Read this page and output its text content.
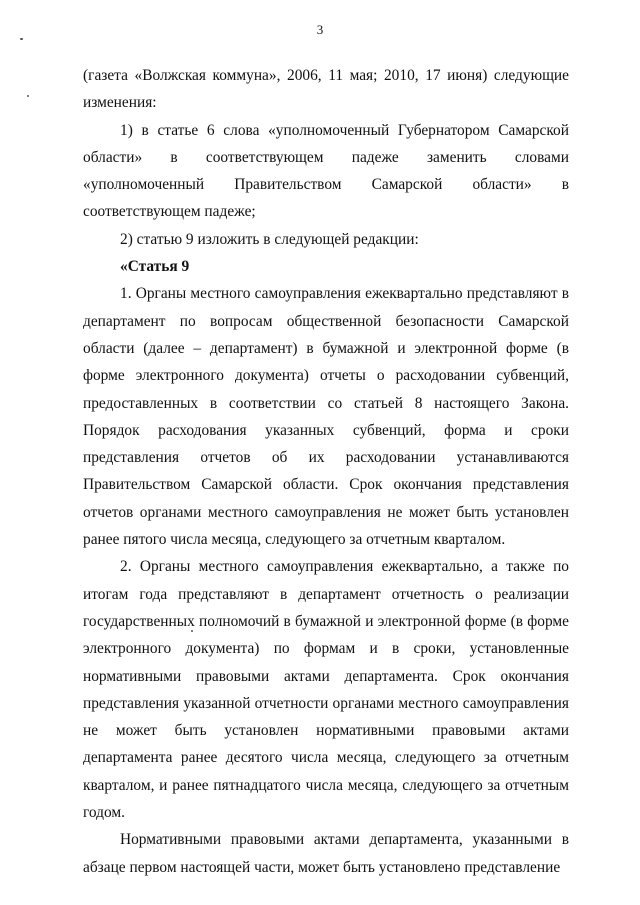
3

(газета «Волжская коммуна», 2006, 11 мая; 2010, 17 июня) следующие изменения:

1) в статье 6 слова «уполномоченный Губернатором Самарской области» в соответствующем падеже заменить словами «уполномоченный Правительством Самарской области» в соответствующем падеже;

2) статью 9 изложить в следующей редакции:

«Статья 9

1. Органы местного самоуправления ежеквартально представляют в департамент по вопросам общественной безопасности Самарской области (далее – департамент) в бумажной и электронной форме (в форме электронного документа) отчеты о расходовании субвенций, предоставленных в соответствии со статьей 8 настоящего Закона. Порядок расходования указанных субвенций, форма и сроки представления отчетов об их расходовании устанавливаются Правительством Самарской области. Срок окончания представления отчетов органами местного самоуправления не может быть установлен ранее пятого числа месяца, следующего за отчетным кварталом.

2. Органы местного самоуправления ежеквартально, а также по итогам года представляют в департамент отчетность о реализации государственных полномочий в бумажной и электронной форме (в форме электронного документа) по формам и в сроки, установленные нормативными правовыми актами департамента. Срок окончания представления указанной отчетности органами местного самоуправления не может быть установлен нормативными правовыми актами департамента ранее десятого числа месяца, следующего за отчетным кварталом, и ранее пятнадцатого числа месяца, следующего за отчетным годом.

Нормативными правовыми актами департамента, указанными в абзаце первом настоящей части, может быть установлено представление
